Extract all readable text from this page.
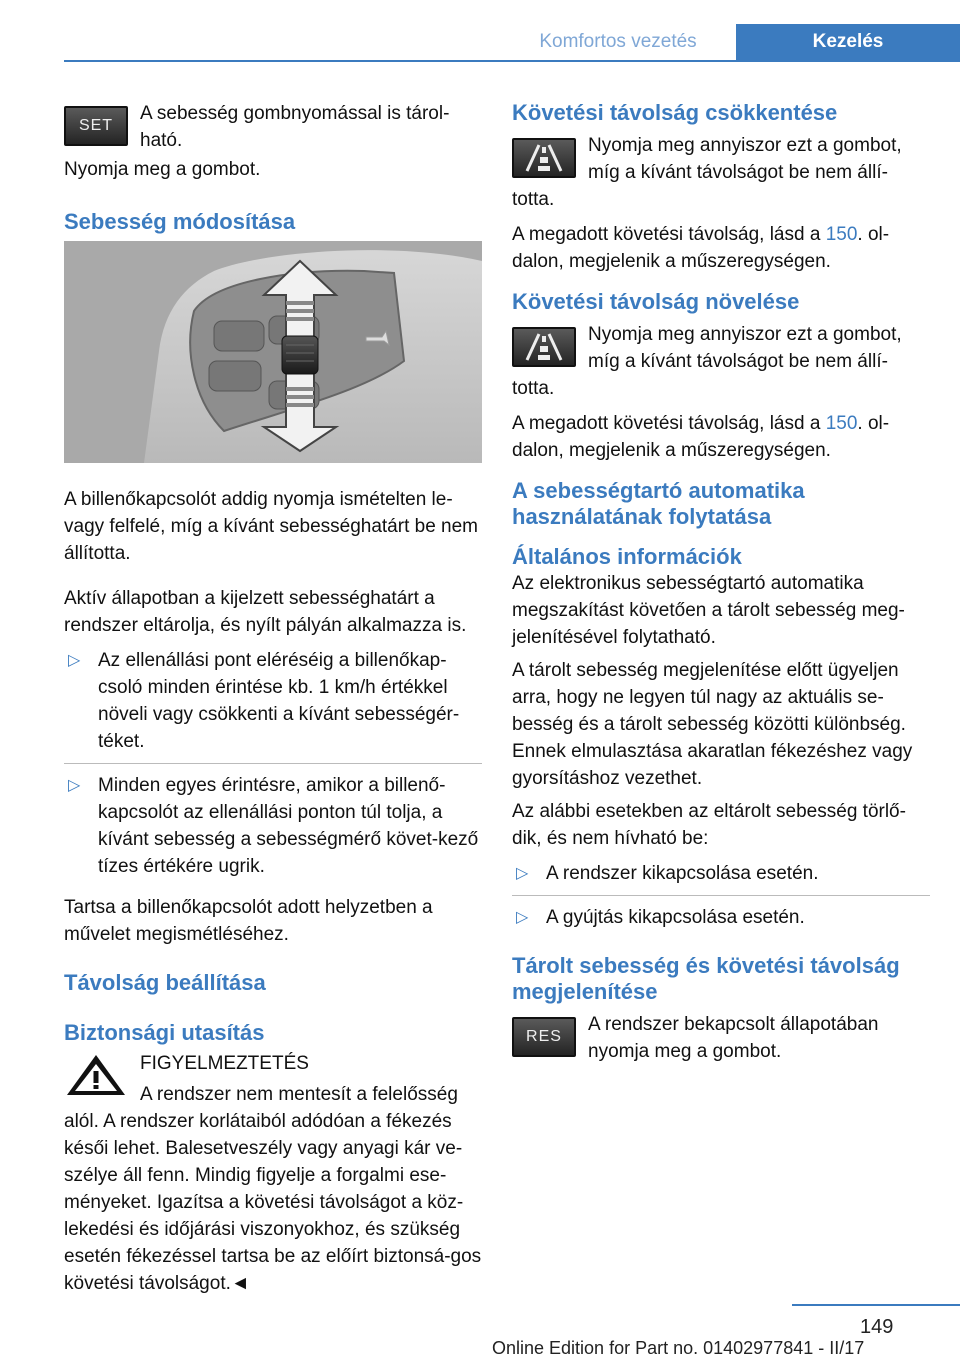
Komfortos vezetés	Kezelés
SET

A sebesség gombnyomással is tárol-ható.

Nyomja meg a gombot.

Sebesség módosítása

A billenőkapcsolót addig nyomja ismételten le- vagy felfelé, míg a kívánt sebességhatárt be nem állította.

Aktív állapotban a kijelzett sebességhatárt a rendszer eltárolja, és nyílt pályán alkalmazza is.

▷ Az ellenállási pont eléréséig a billenőkap-csoló minden érintése kb. 1 km/h értékkel növeli vagy csökkenti a kívánt sebességér-téket.
▷ Minden egyes érintésre, amikor a billenő-kapcsolót az ellenállási ponton túl tolja, a kívánt sebesség a sebességmérő követ-kező tízes értékére ugrik.

Tartsa a billenőkapcsolót adott helyzetben a művelet megismétléséhez.

Távolság beállítása
Biztonsági utasítás

FIGYELMEZTETÉS

A rendszer nem mentesít a felelősség alól. A rendszer korlátaiból adódóan a fékezés késői lehet. Balesetveszély vagy anyagi kár ve-szélye áll fenn. Mindig figyelje a forgalmi ese-ményeket. Igazítsa a követési távolságot a köz-lekedési és időjárási viszonyokhoz, és szükség esetén fékezéssel tartsa be az előírt biztonsá-gos követési távolságot.◄

Követési távolság csökkentése

Nyomja meg annyiszor ezt a gombot, míg a kívánt távolságot be nem állí-totta.

A megadott követési távolság, lásd a 150. ol-dalon, megjelenik a műszeregységen.

Követési távolság növelése

Nyomja meg annyiszor ezt a gombot, míg a kívánt távolságot be nem állí-totta.

A megadott követési távolság, lásd a 150. ol-dalon, megjelenik a műszeregységen.

A sebességtartó automatika használatának folytatása
Általános információk

Az elektronikus sebességtartó automatika megszakítást követően a tárolt sebesség meg-jelenítésével folytatható.

A tárolt sebesség megjelenítése előtt ügyeljen arra, hogy ne legyen túl nagy az aktuális se-besség és a tárolt sebesség közötti különbség. Ennek elmulasztása akaratlan fékezéshez vagy gyorsításhoz vezethet.

Az alábbi esetekben az eltárolt sebesség törlő-dik, és nem hívható be:

▷ A rendszer kikapcsolása esetén.
▷ A gyújtás kikapcsolása esetén.
Tárolt sebesség és követési távolság megjelenítése
RES

A rendszer bekapcsolt állapotában nyomja meg a gombot.

149
Online Edition for Part no. 01402977841 - II/17
